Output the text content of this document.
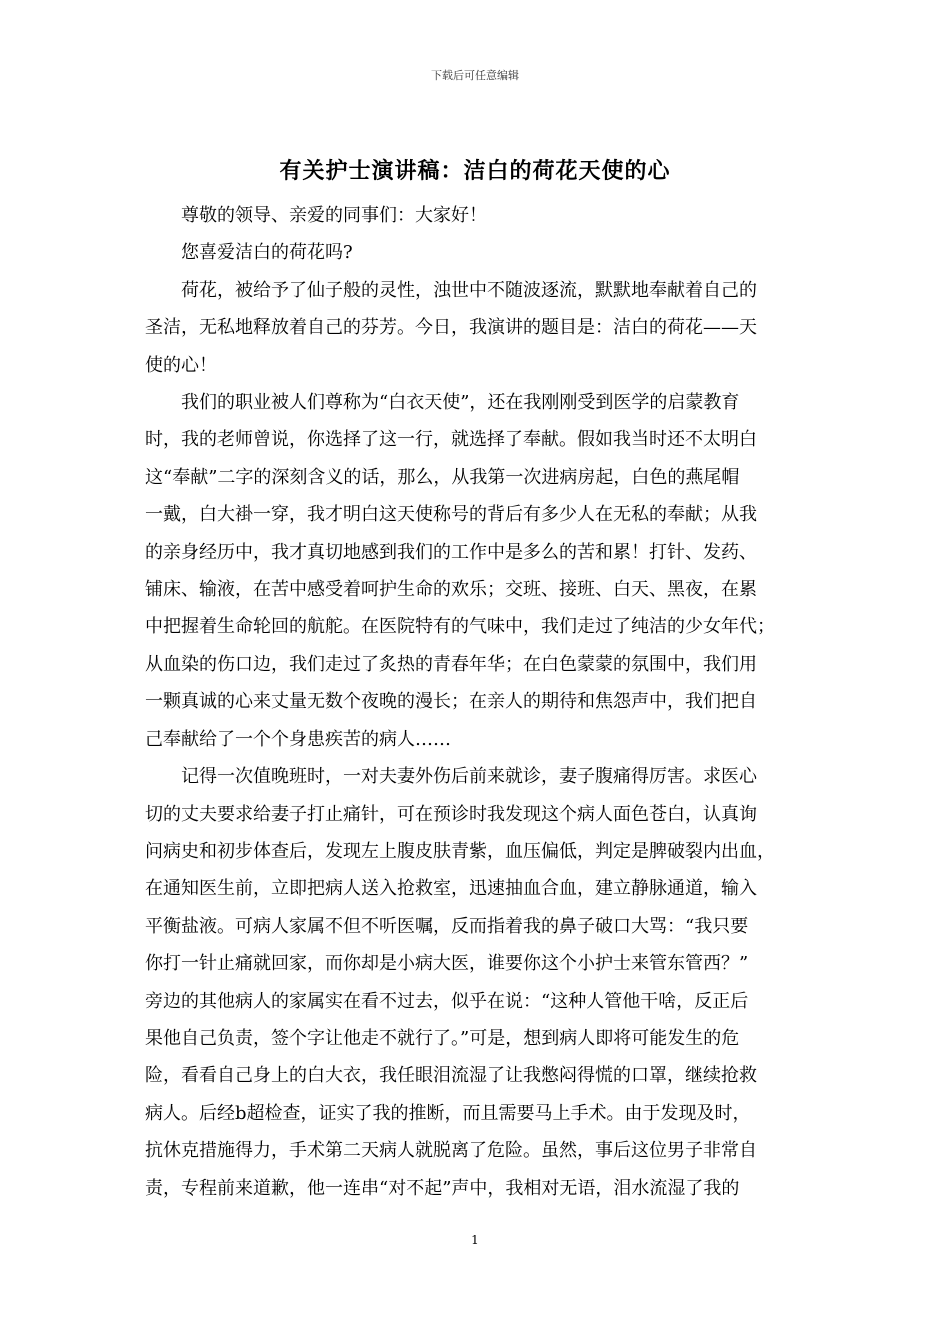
下载后可任意编辑
有关护士演讲稿：洁白的荷花天使的心

尊敬的领导、亲爱的同事们：大家好！

您喜爱洁白的荷花吗?

荷花，被给予了仙子般的灵性，浊世中不随波逐流，默默地奉献着自己的
圣洁，无私地释放着自己的芬芳。今日，我演讲的题目是：洁白的荷花——天
使的心！

我们的职业被人们尊称为“白衣天使”，还在我刚刚受到医学的启蒙教育
时，我的老师曾说，你选择了这一行，就选择了奉献。假如我当时还不太明白
这“奉献”二字的深刻含义的话，那么，从我第一次进病房起，白色的燕尾帽
一戴，白大褂一穿，我才明白这天使称号的背后有多少人在无私的奉献；从我
的亲身经历中，我才真切地感到我们的工作中是多么的苦和累！打针、发药、
铺床、输液，在苦中感受着呵护生命的欢乐；交班、接班、白天、黑夜，在累
中把握着生命轮回的航舵。在医院特有的气味中，我们走过了纯洁的少女年代；
从血染的伤口边，我们走过了炙热的青春年华；在白色蒙蒙的氛围中，我们用
一颗真诚的心来丈量无数个夜晚的漫长；在亲人的期待和焦怨声中，我们把自
己奉献给了一个个身患疾苦的病人……

记得一次值晚班时，一对夫妻外伤后前来就诊，妻子腹痛得厉害。求医心
切的丈夫要求给妻子打止痛针，可在预诊时我发现这个病人面色苍白，认真询
问病史和初步体查后，发现左上腹皮肤青紫，血压偏低，判定是脾破裂内出血，
在通知医生前，立即把病人送入抢救室，迅速抽血合血，建立静脉通道，输入
平衡盐液。可病人家属不但不听医嘱，反而指着我的鼻子破口大骂：“我只要
你打一针止痛就回家，而你却是小病大医，谁要你这个小护士来管东管西？”
旁边的其他病人的家属实在看不过去，似乎在说：“这种人管他干啥，反正后
果他自己负责，签个字让他走不就行了。”可是，想到病人即将可能发生的危
险，看看自己身上的白大衣，我任眼泪流湿了让我憋闷得慌的口罩，继续抢救
病人。后经b超检查，证实了我的推断，而且需要马上手术。由于发现及时，
抗休克措施得力，手术第二天病人就脱离了危险。虽然，事后这位男子非常自
责，专程前来道歉，他一连串“对不起”声中，我相对无语，泪水流湿了我的

1
